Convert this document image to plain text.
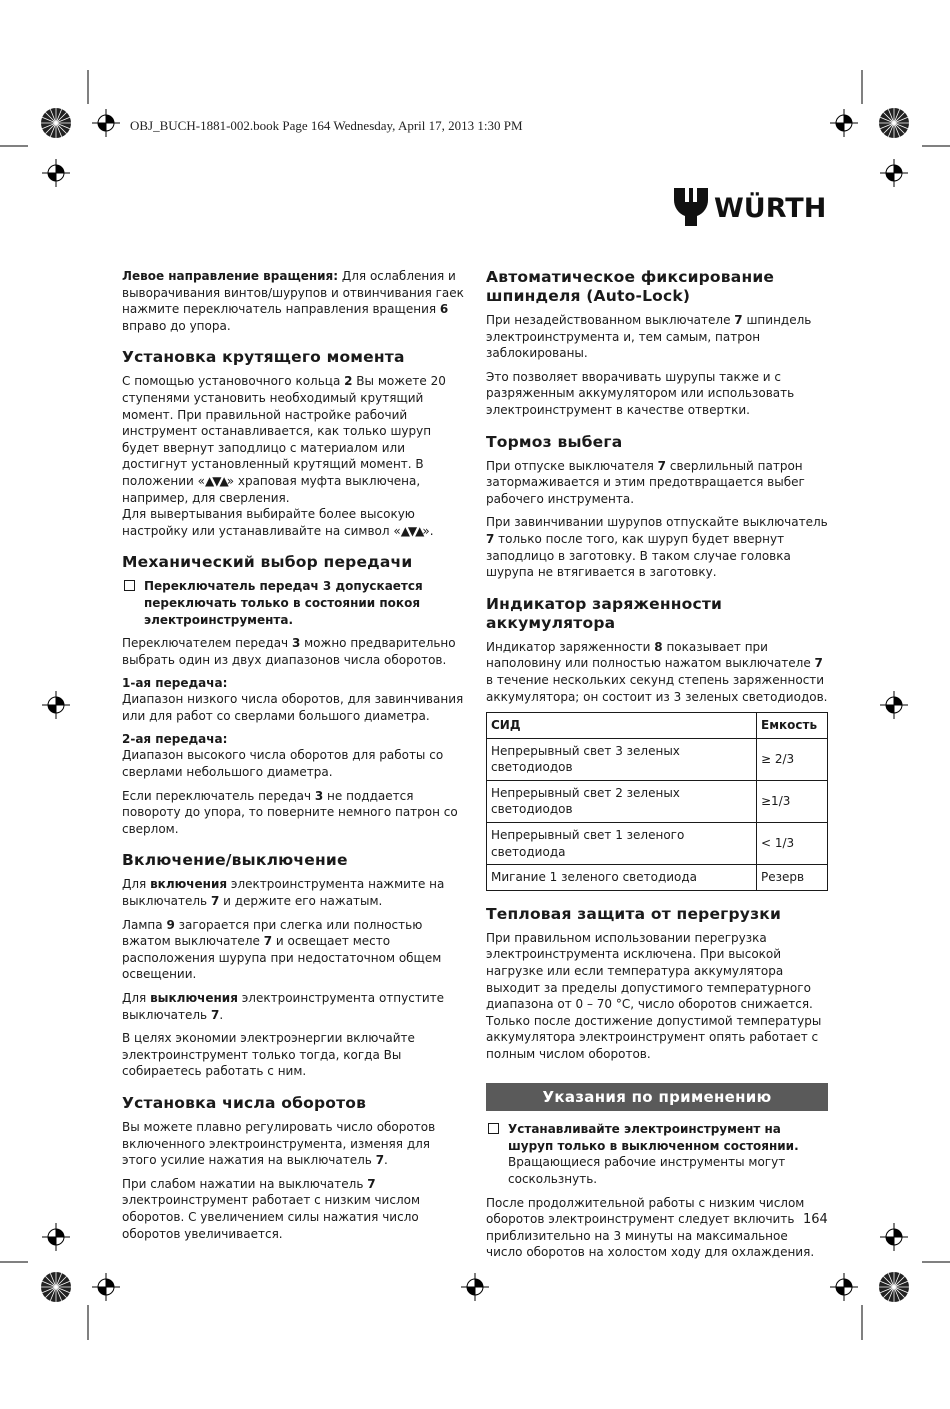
OBJ_BUCH-1881-002.book Page 164 Wednesday, April 17, 2013 1:30 PM
WÜRTH

Левое направление вращения: Для ослабления и выворачивания винтов/шурупов и отвинчивания гаек нажмите переключатель направления вращения 6 вправо до упора.

Установка крутящего момента

С помощью установочного кольца 2 Вы можете 20 ступенями установить необходимый крутящий момент. При правильной настройке рабочий инструмент останавливается, как только шуруп будет ввернут заподлицо с материалом или достигнут установленный крутящий момент. В положении «▲▼▲» храповая муфта выключена, например, для сверления.
Для вывертывания выбирайте более высокую настройку или устанавливайте на символ «▲▼▲».

Механический выбор передачи
Переключатель передач 3 допускается переключать только в состоянии покоя электроинструмента.

Переключателем передач 3 можно предварительно выбрать один из двух диапазонов числа оборотов.

1-ая передача:

Диапазон низкого числа оборотов, для завинчивания или для работ со сверлами большого диаметра.

2-ая передача:

Диапазон высокого числа оборотов для работы со сверлами небольшого диаметра.

Если переключатель передач 3 не поддается повороту до упора, то поверните немного патрон со сверлом.

Включение/выключение

Для включения электроинструмента нажмите на выключатель 7 и держите его нажатым.

Лампа 9 загорается при слегка или полностью вжатом выключателе 7 и освещает место расположения шурупа при недостаточном общем освещении.

Для выключения электроинструмента отпустите выключатель 7.

В целях экономии электроэнергии включайте электроинструмент только тогда, когда Вы собираетесь работать с ним.

Установка числа оборотов

Вы можете плавно регулировать число оборотов включенного электроинструмента, изменяя для этого усилие нажатия на выключатель 7.

При слабом нажатии на выключатель 7 электроинструмент работает с низким числом оборотов. С увеличением силы нажатия число оборотов увеличивается.

Автоматическое фиксирование шпинделя (Auto-Lock)

При незадействованном выключателе 7 шпиндель электроинструмента и, тем самым, патрон заблокированы.

Это позволяет вворачивать шурупы также и с разряженным аккумулятором или использовать электроинструмент в качестве отвертки.

Тормоз выбега

При отпуске выключателя 7 сверлильный патрон затормаживается и этим предотвращается выбег рабочего инструмента.

При завинчивании шурупов отпускайте выключатель 7 только после того, как шуруп будет ввернут заподлицо в заготовку. В таком случае головка шурупа не втягивается в заготовку.

Индикатор заряженности аккумулятора

Индикатор заряженности 8 показывает при наполовину или полностью нажатом выключателе 7 в течение нескольких секунд степень заряженности аккумулятора; он состоит из 3 зеленых светодиодов.

СИД	Емкость
Непрерывный свет 3 зеленых светодиодов	≥ 2/3
Непрерывный свет 2 зеленых светодиодов	≥1/3
Непрерывный свет 1 зеленого светодиода	< 1/3
Мигание 1 зеленого светодиода	Резерв
Тепловая защита от перегрузки

При правильном использовании перегрузка электроинструмента исключена. При высокой нагрузке или если температура аккумулятора выходит за пределы допустимого температурного диапазона от 0 – 70 °C, число оборотов снижается. Только после достижение допустимой температуры аккумулятора электроинструмент опять работает с полным числом оборотов.

Указания по применению
Устанавливайте электроинструмент на шуруп только в выключенном состоянии. Вращающиеся рабочие инструменты могут соскользнуть.

После продолжительной работы с низким числом оборотов электроинструмент следует включить приблизительно на 3 минуты на максимальное число оборотов на холостом ходу для охлаждения.

164
